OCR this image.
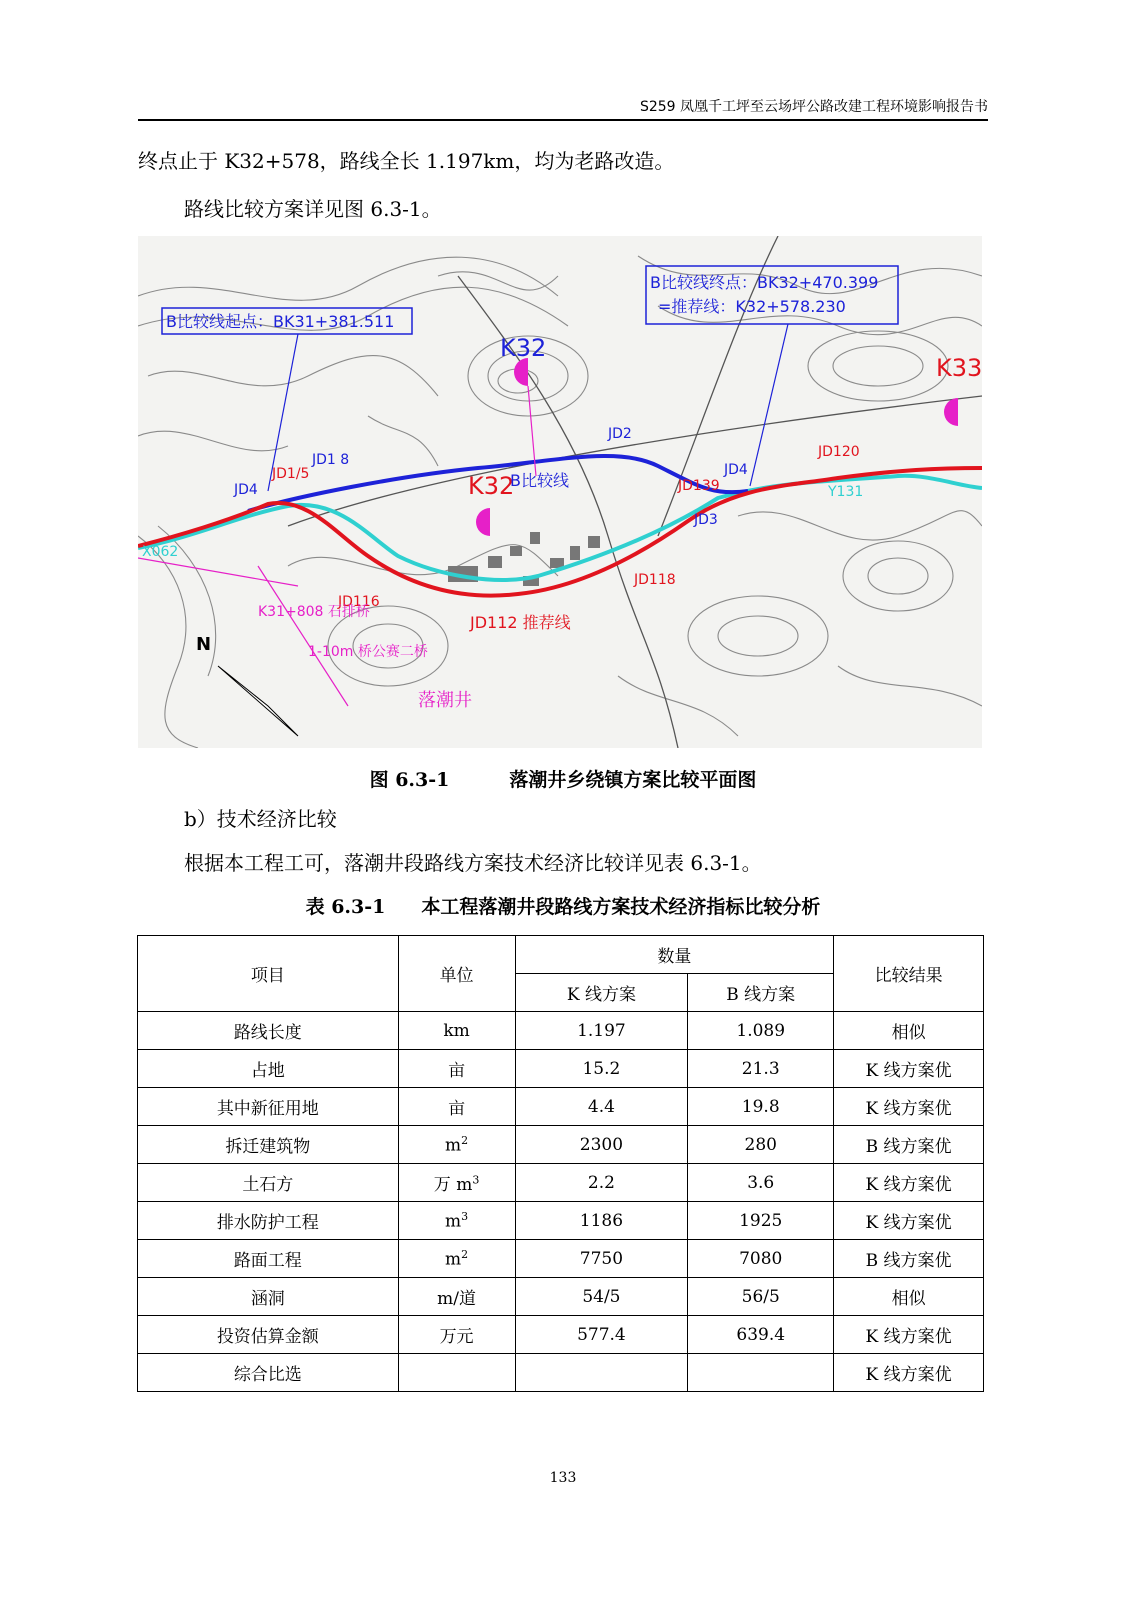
S259 凤凰千工坪至云场坪公路改建工程环境影响报告书
终点止于 K32+578，路线全长 1.197km，均为老路改造。
路线比较方案详见图 6.3-1。
B比较线起点：BK31+381.511
B比较线终点：BK32+470.399
=推荐线：K32+578.230
K32
K32
K33
B比较线
JD112 推荐线
JD2
JD4
JD1/5
JD1 8
JD139
JD4
JD3
JD118
JD116
JD120
Y131
X062
K31+808 石排桥
1-10m 桥公赛二桥
落潮井
N
图 6.3-1	落潮井乡绕镇方案比较平面图
b）技术经济比较
根据本工程工可，落潮井段路线方案技术经济比较详见表 6.3-1。
表 6.3-1 本工程落潮井段路线方案技术经济指标比较分析
项目	单位	数量		比较结果
		K 线方案	B 线方案	
路线长度	km	1.197	1.089	相似
占地	亩	15.2	21.3	K 线方案优
其中新征用地	亩	4.4	19.8	K 线方案优
拆迁建筑物	$m^2$	2300	280	B 线方案优
土石方	万 $m^3$	2.2	3.6	K 线方案优
排水防护工程	$m^3$	1186	1925	K 线方案优
路面工程	$m^2$	7750	7080	B 线方案优
涵洞	m/道	54/5	56/5	相似
投资估算金额	万元	577.4	639.4	K 线方案优
综合比选				K 线方案优
133
